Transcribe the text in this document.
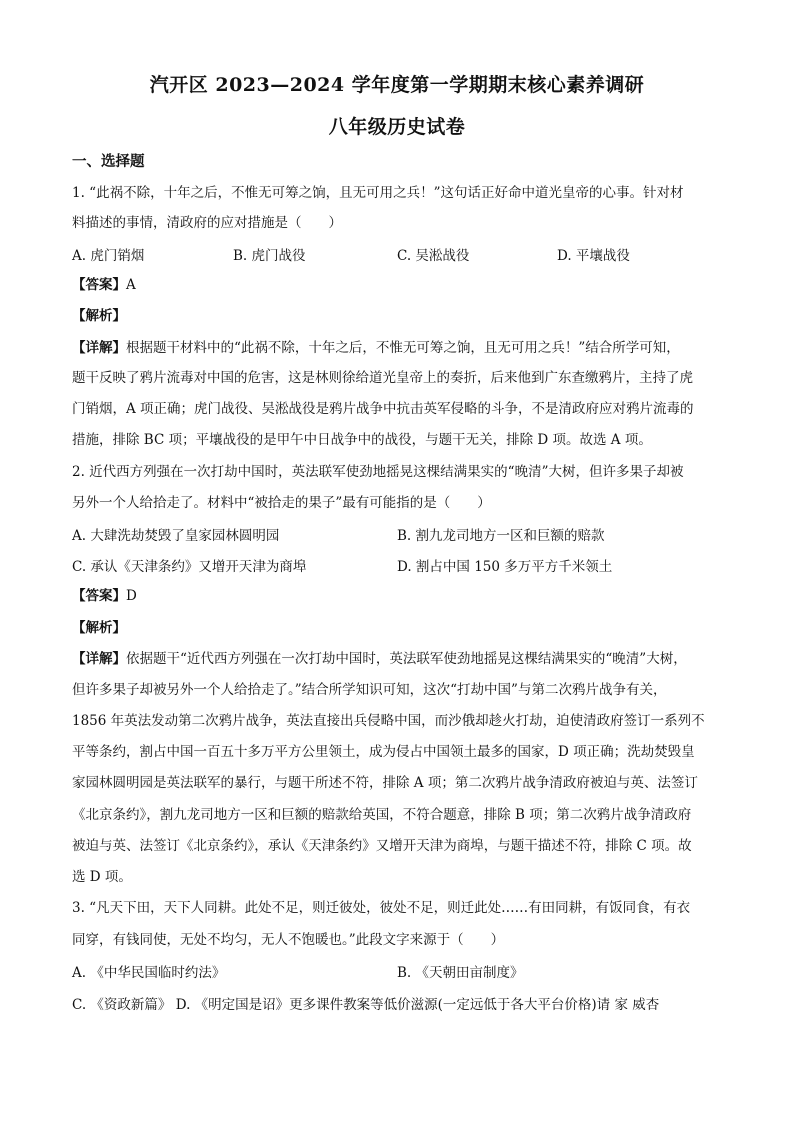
汽开区 2023—2024 学年度第一学期期末核心素养调研
八年级历史试卷
一、选择题
1. “此祸不除，十年之后，不惟无可筹之饷，且无可用之兵！”这句话正好命中道光皇帝的心事。针对材
料描述的事情，清政府的应对措施是（　　）
A. 虎门销烟	B. 虎门战役	C. 吴淞战役	D. 平壤战役
【答案】A
【解析】
【详解】根据题干材料中的“此祸不除，十年之后，不惟无可筹之饷，且无可用之兵！”结合所学可知，
题干反映了鸦片流毒对中国的危害，这是林则徐给道光皇帝上的奏折，后来他到广东查缴鸦片，主持了虎
门销烟，A 项正确；虎门战役、吴淞战役是鸦片战争中抗击英军侵略的斗争，不是清政府应对鸦片流毒的
措施，排除 BC 项；平壤战役的是甲午中日战争中的战役，与题干无关，排除 D 项。故选 A 项。
2. 近代西方列强在一次打劫中国时，英法联军使劲地摇晃这棵结满果实的“晚清”大树，但许多果子却被
另外一个人给拾走了。材料中“被拾走的果子”最有可能指的是（　　）
A. 大肆洗劫焚毁了皇家园林圆明园	B. 割九龙司地方一区和巨额的赔款
C. 承认《天津条约》又增开天津为商埠	D. 割占中国 150 多万平方千米领土
【答案】D
【解析】
【详解】依据题干“近代西方列强在一次打劫中国时，英法联军使劲地摇晃这棵结满果实的“晚清”大树，
但许多果子却被另外一个人给拾走了。”结合所学知识可知，这次“打劫中国”与第二次鸦片战争有关，
1856 年英法发动第二次鸦片战争，英法直接出兵侵略中国，而沙俄却趁火打劫，迫使清政府签订一系列不
平等条约，割占中国一百五十多万平方公里领土，成为侵占中国领土最多的国家，D 项正确；洗劫焚毁皇
家园林圆明园是英法联军的暴行，与题干所述不符，排除 A 项；第二次鸦片战争清政府被迫与英、法签订
《北京条约》，割九龙司地方一区和巨额的赔款给英国，不符合题意，排除 B 项；第二次鸦片战争清政府
被迫与英、法签订《北京条约》，承认《天津条约》又增开天津为商埠，与题干描述不符，排除 C 项。故
选 D 项。
3. “凡天下田，天下人同耕。此处不足，则迁彼处，彼处不足，则迁此处……有田同耕，有饭同食，有衣
同穿，有钱同使，无处不均匀，无人不饱暖也。”此段文字来源于（　　）
A. 《中华民国临时约法》	B. 《天朝田亩制度》
C. 《资政新篇》 D. 《明定国是诏》更多课件教案等低价滋源(一定远低于各大平台价格)请 家 威杏
